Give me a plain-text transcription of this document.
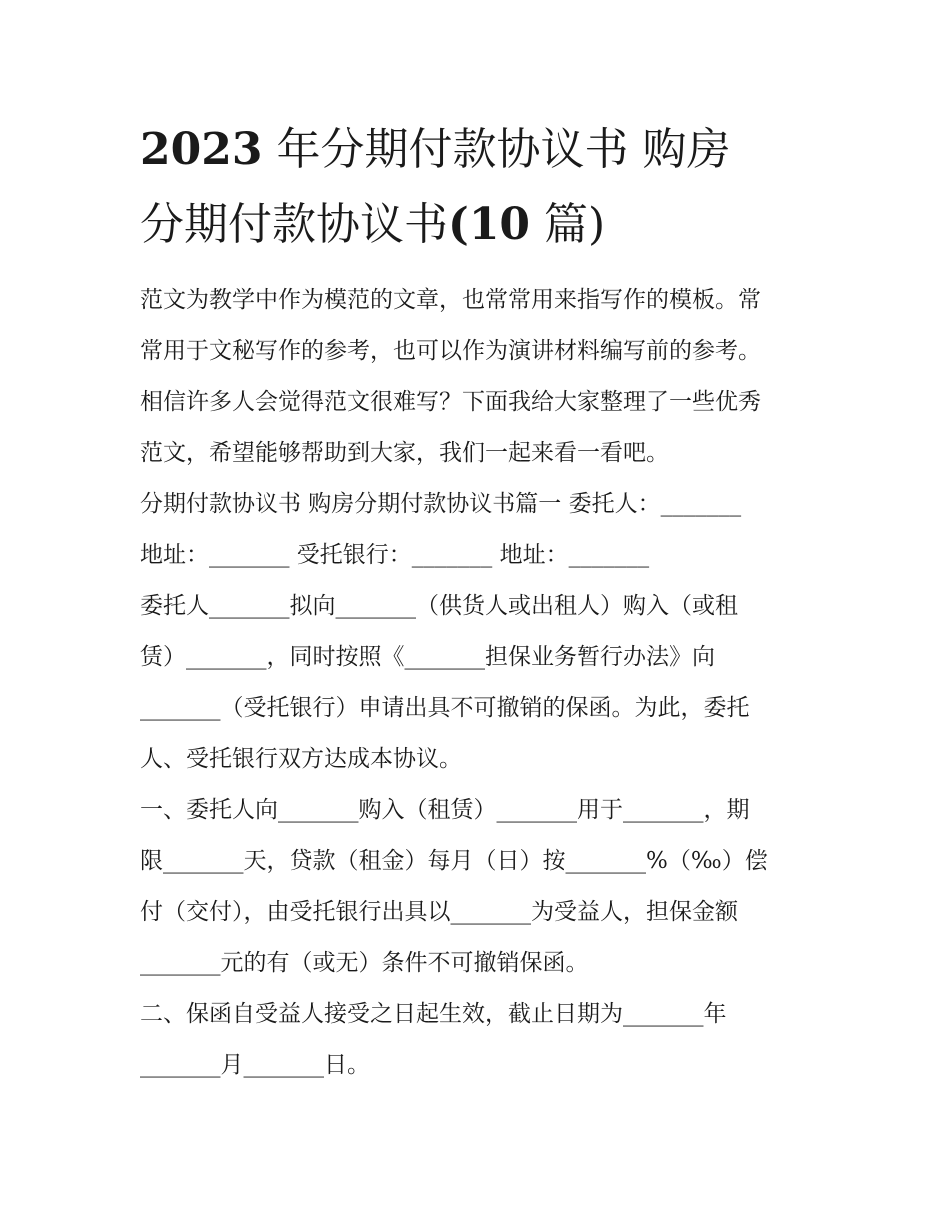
2023 年分期付款协议书 购房
分期付款协议书(10 篇)
范文为教学中作为模范的文章，也常常用来指写作的模板。常
常用于文秘写作的参考，也可以作为演讲材料编写前的参考。
相信许多人会觉得范文很难写？下面我给大家整理了一些优秀
范文，希望能够帮助到大家，我们一起来看一看吧。
分期付款协议书 购房分期付款协议书篇一 委托人：_______
地址：_______ 受托银行：_______ 地址：_______
委托人_______拟向_______（供货人或出租人）购入（或租
赁）_______，同时按照《_______担保业务暂行办法》向
_______（受托银行）申请出具不可撤销的保函。为此，委托
人、受托银行双方达成本协议。
一、委托人向_______购入（租赁）_______用于_______，期
限_______天，贷款（租金）每月（日）按_______%（‰）偿
付（交付），由受托银行出具以_______为受益人，担保金额
_______元的有（或无）条件不可撤销保函。
二、保函自受益人接受之日起生效，截止日期为_______年
_______月_______日。
